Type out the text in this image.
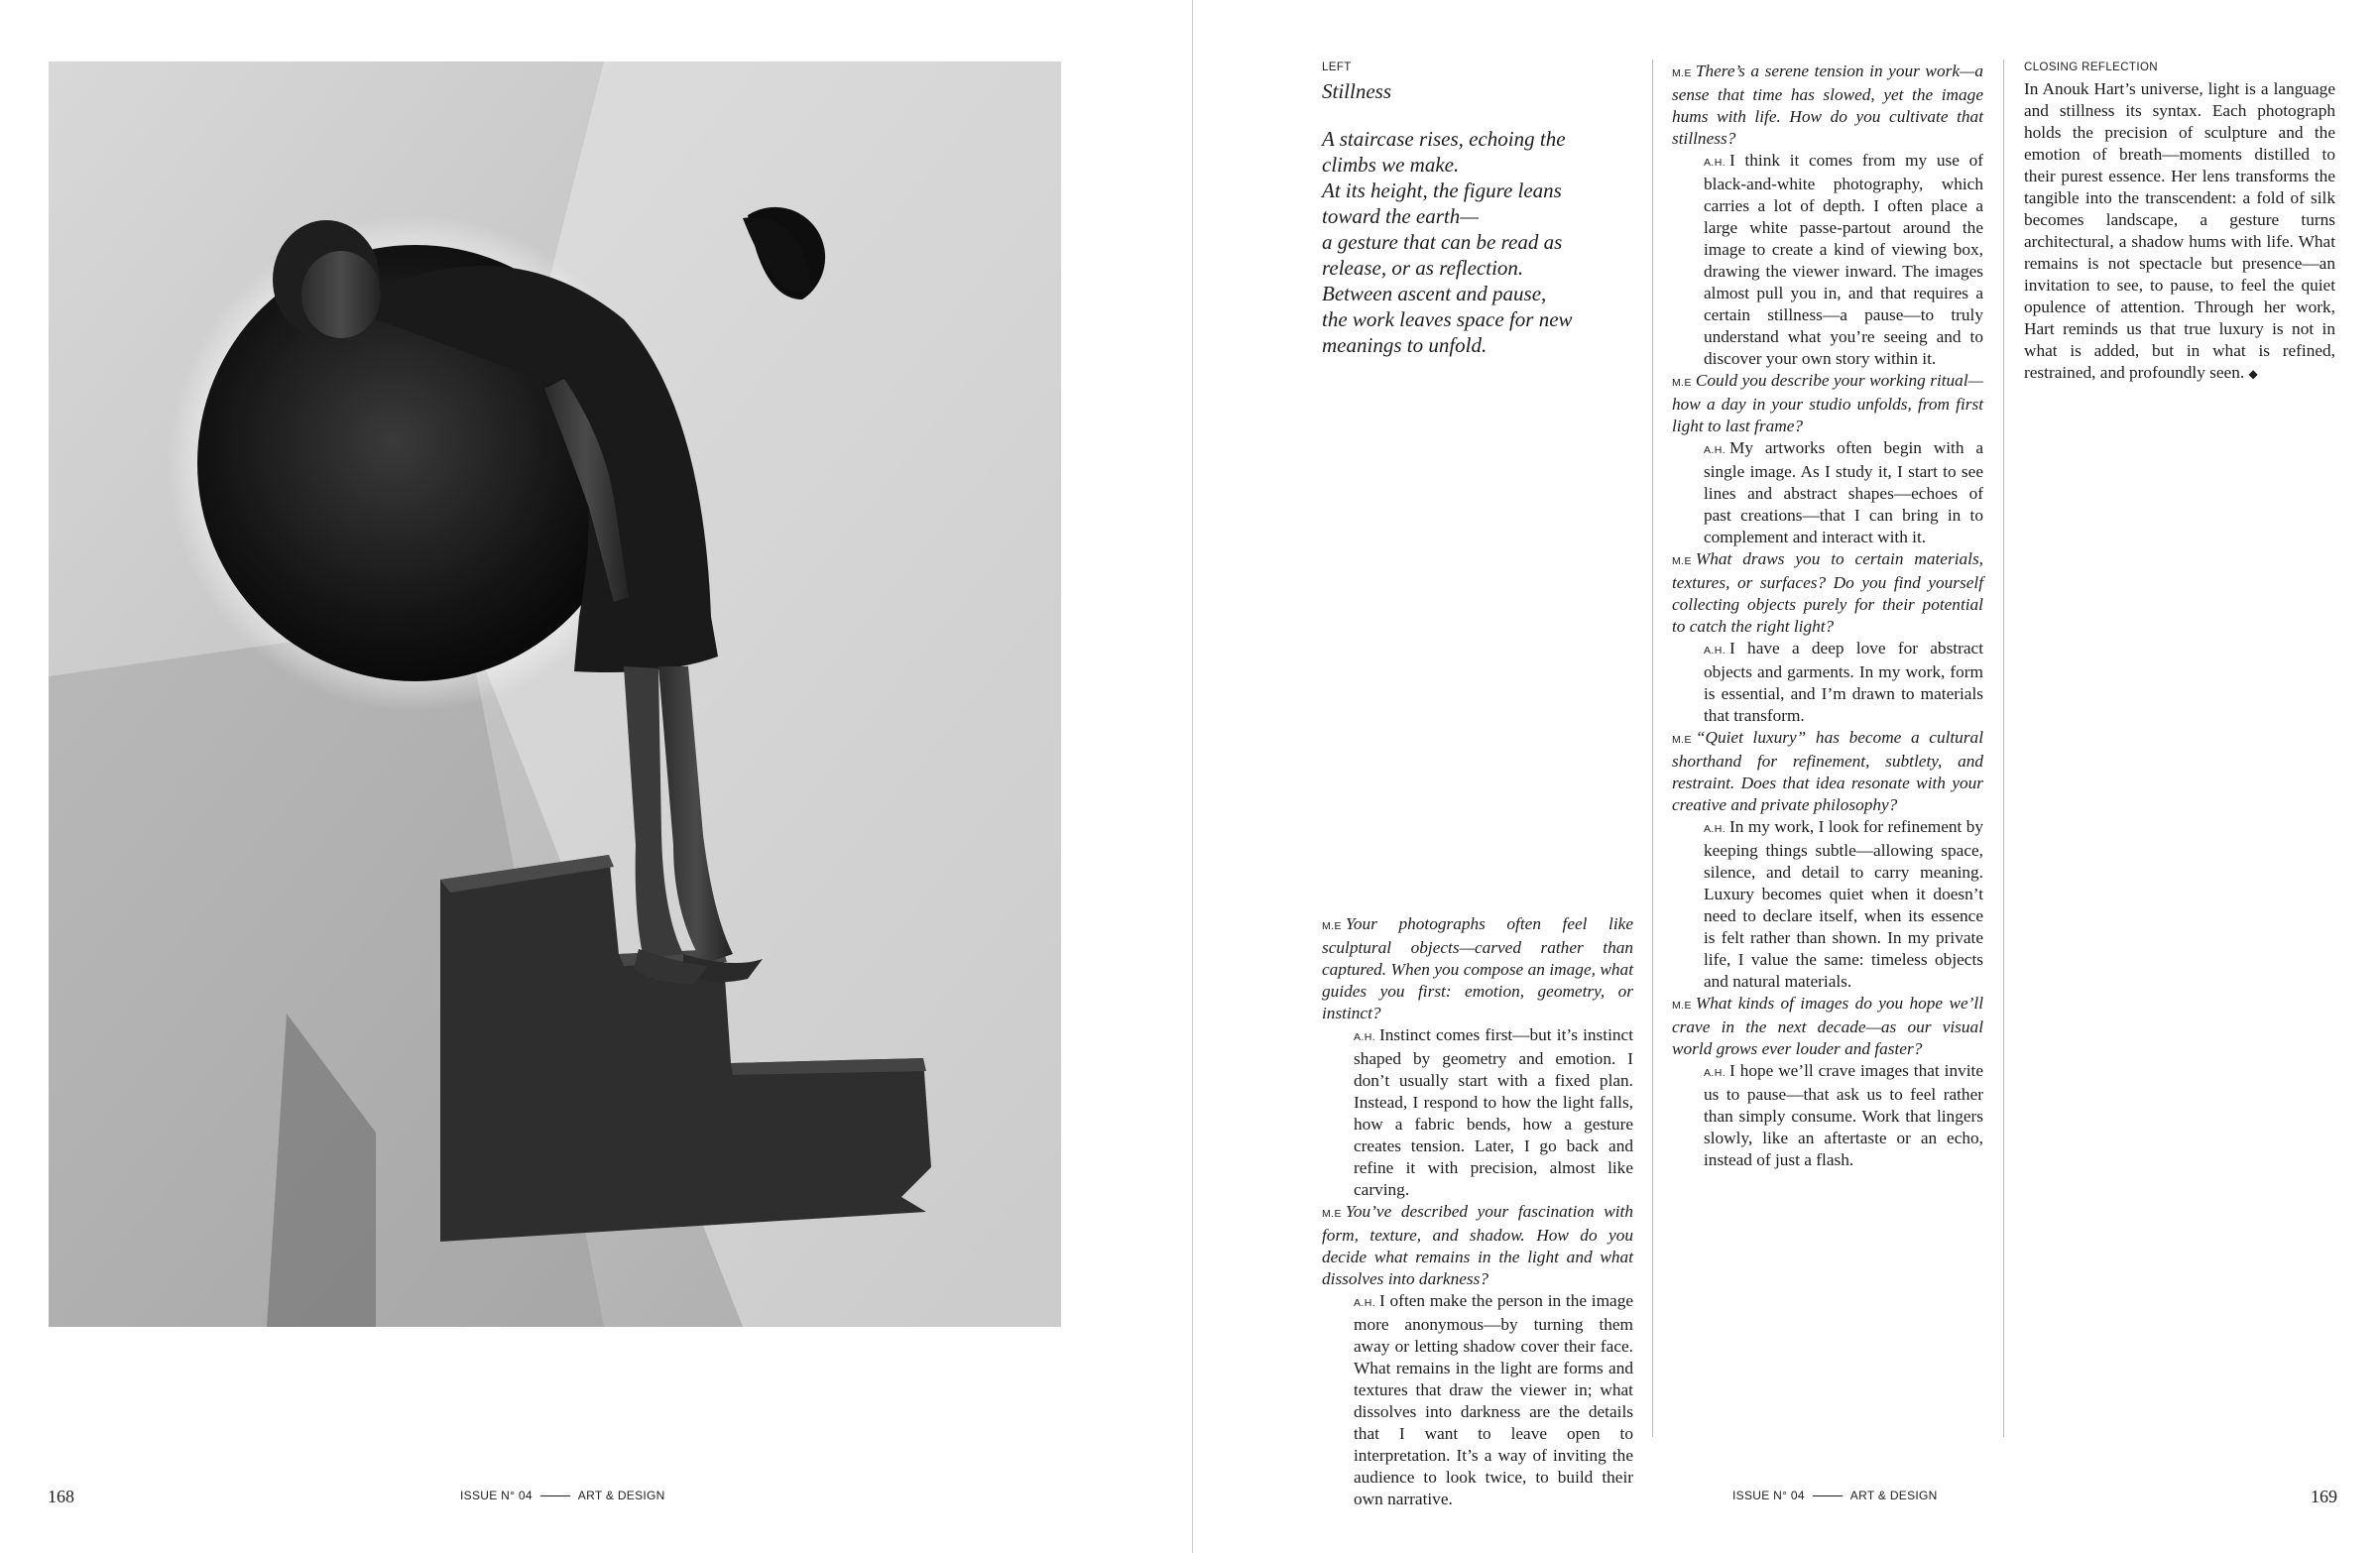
168	ISSUE N° 04	ART & DESIGN
LEFT
Stillness
A staircase rises, echoing the
climbs we make.
At its height, the figure leans
toward the earth—
a gesture that can be read as
release, or as reflection.
Between ascent and pause,
the work leaves space for new
meanings to unfold.
M.E Your photographs often feel like sculptural objects—carved rather than captured. When you compose an image, what guides you first: emotion, geometry, or instinct?
A.H. Instinct comes first—but it’s instinct shaped by geometry and emotion. I don’t usually start with a fixed plan. Instead, I respond to how the light falls, how a fabric bends, how a gesture creates tension. Later, I go back and refine it with precision, almost like carving.
M.E You’ve described your fascination with form, texture, and shadow. How do you decide what remains in the light and what dissolves into darkness?
A.H. I often make the person in the image more anonymous—by turning them away or letting shadow cover their face. What remains in the light are forms and textures that draw the viewer in; what dissolves into darkness are the details that I want to leave open to interpretation. It’s a way of inviting the audience to look twice, to build their own narrative.
M.E There’s a serene tension in your work—a sense that time has slowed, yet the image hums with life. How do you cultivate that stillness?
A.H. I think it comes from my use of black-and-white photography, which carries a lot of depth. I often place a large white passe-partout around the image to create a kind of viewing box, drawing the viewer inward. The images almost pull you in, and that requires a certain stillness—a pause—to truly understand what you’re seeing and to discover your own story within it.
M.E Could you describe your working ritual—how a day in your studio unfolds, from first light to last frame?
A.H. My artworks often begin with a single image. As I study it, I start to see lines and abstract shapes—echoes of past creations—that I can bring in to complement and interact with it.
M.E What draws you to certain materials, textures, or surfaces? Do you find yourself collecting objects purely for their potential to catch the right light?
A.H. I have a deep love for abstract objects and garments. In my work, form is essential, and I’m drawn to materials that transform.
M.E “Quiet luxury” has become a cultural shorthand for refinement, subtlety, and restraint. Does that idea resonate with your creative and private philosophy?
A.H. In my work, I look for refinement by keeping things subtle—allowing space, silence, and detail to carry meaning. Luxury becomes quiet when it doesn’t need to declare itself, when its essence is felt rather than shown. In my private life, I value the same: timeless objects and natural materials.
M.E What kinds of images do you hope we’ll crave in the next decade—as our visual world grows ever louder and faster?
A.H. I hope we’ll crave images that invite us to pause—that ask us to feel rather than simply consume. Work that lingers slowly, like an aftertaste or an echo, instead of just a flash.
CLOSING REFLECTION
In Anouk Hart’s universe, light is a language and stillness its syntax. Each photograph holds the precision of sculpture and the emotion of breath—moments distilled to their purest essence. Her lens transforms the tangible into the transcendent: a fold of silk becomes landscape, a gesture turns architectural, a shadow hums with life. What remains is not spectacle but presence—an invitation to see, to pause, to feel the quiet opulence of attention. Through her work, Hart reminds us that true luxury is not in what is added, but in what is refined, restrained, and profoundly seen. ◆
ISSUE N° 04	ART & DESIGN	169
